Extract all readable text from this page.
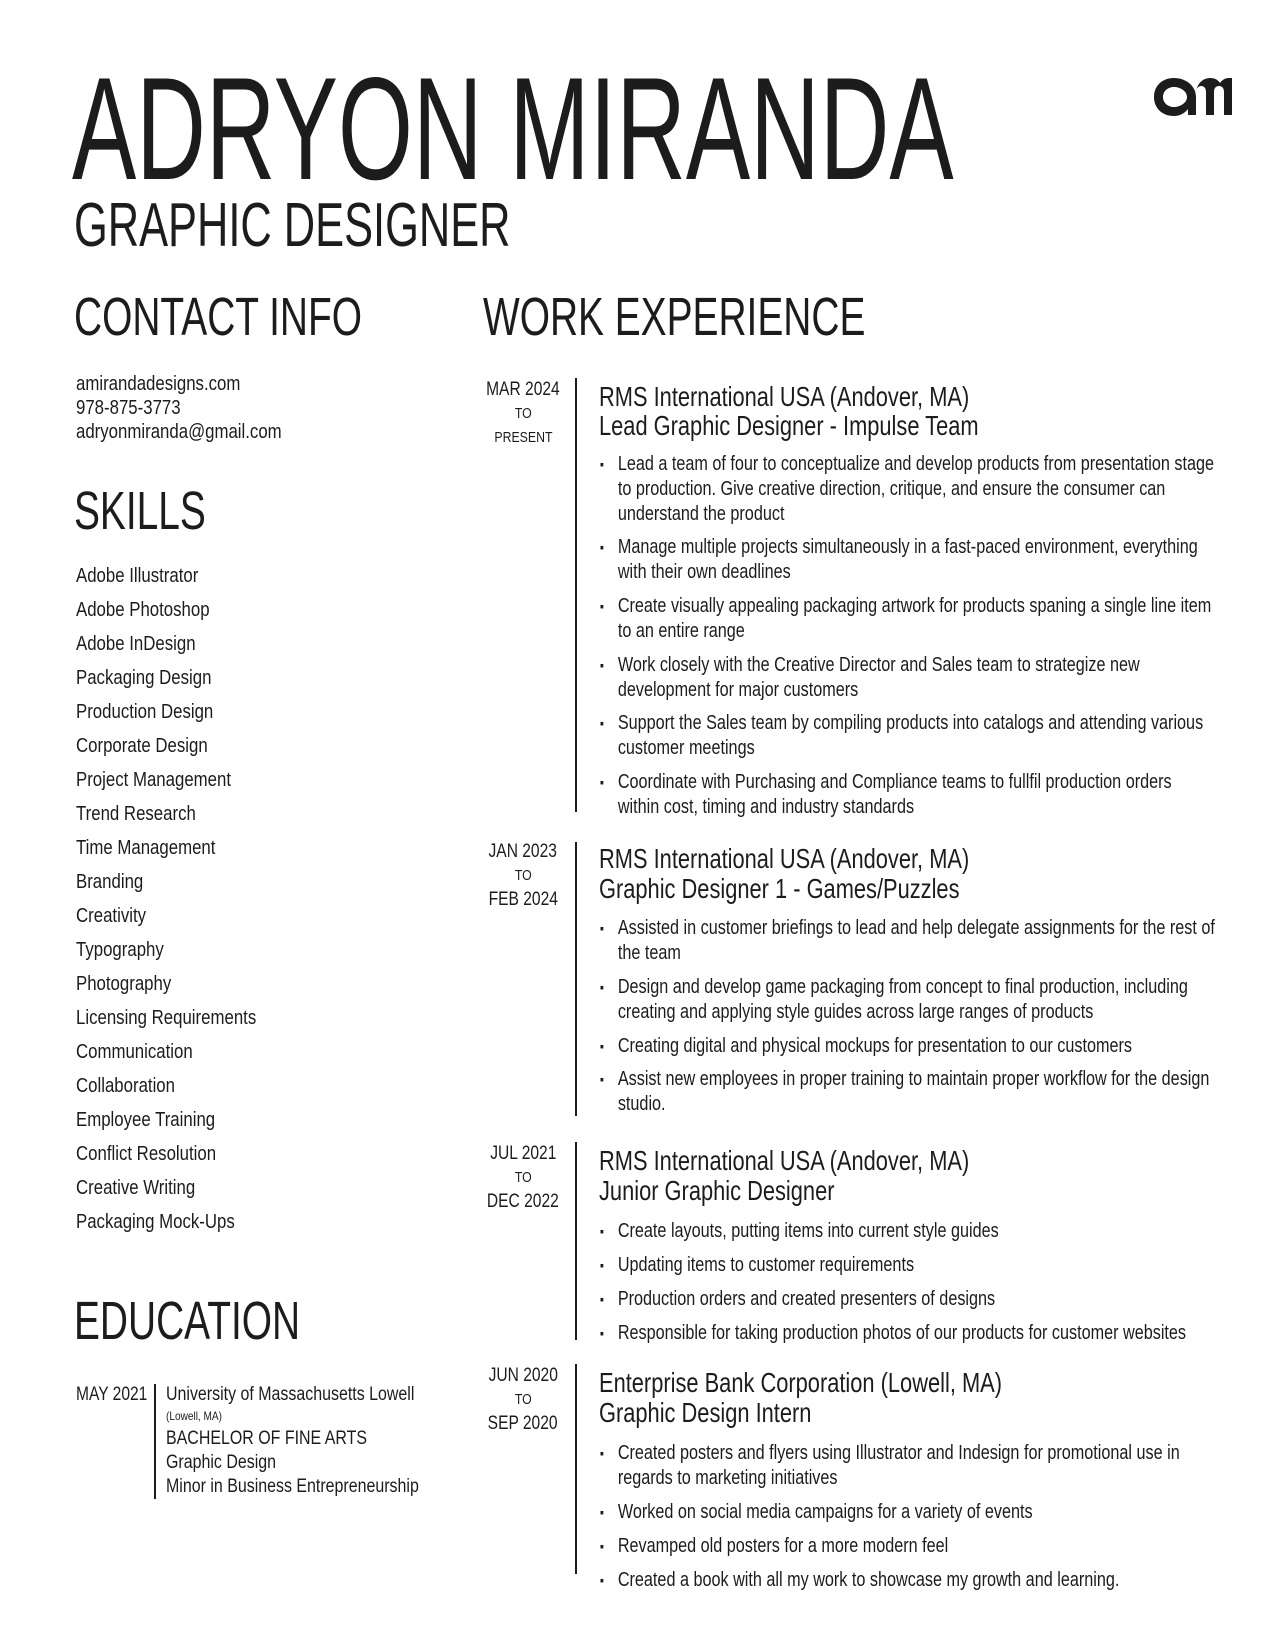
ADRYON MIRANDA
GRAPHIC DESIGNER
CONTACT INFO
amirandadesigns.com
978-875-3773
adryonmiranda@gmail.com
SKILLS
Adobe Illustrator
Adobe Photoshop
Adobe InDesign
Packaging Design
Production Design
Corporate Design
Project Management
Trend Research
Time Management
Branding
Creativity
Typography
Photography
Licensing Requirements
Communication
Collaboration
Employee Training
Conflict Resolution
Creative Writing
Packaging Mock-Ups
EDUCATION
MAY 2021 University of Massachusetts Lowell
(Lowell, MA)
BACHELOR OF FINE ARTS
Graphic Design
Minor in Business Entrepreneurship
WORK EXPERIENCE
MAR 2024
TO
PRESENT
RMS International USA (Andover, MA)
Lead Graphic Designer - Impulse Team
▪ Lead a team of four to conceptualize and develop products from presentation stage to production. Give creative direction, critique, and ensure the consumer can understand the product
▪ Manage multiple projects simultaneously in a fast-paced environment, everything with their own deadlines
▪ Create visually appealing packaging artwork for products spaning a single line item to an entire range
▪ Work closely with the Creative Director and Sales team to strategize new development for major customers
▪ Support the Sales team by compiling products into catalogs and attending various customer meetings
▪ Coordinate with Purchasing and Compliance teams to fullfil production orders within cost, timing and industry standards
JAN 2023
TO
FEB 2024
RMS International USA (Andover, MA)
Graphic Designer 1 - Games/Puzzles
▪ Assisted in customer briefings to lead and help delegate assignments for the rest of the team
▪ Design and develop game packaging from concept to final production, including creating and applying style guides across large ranges of products
▪ Creating digital and physical mockups for presentation to our customers
▪ Assist new employees in proper training to maintain proper workflow for the design studio.
JUL 2021
TO
DEC 2022
RMS International USA (Andover, MA)
Junior Graphic Designer
▪ Create layouts, putting items into current style guides
▪ Updating items to customer requirements
▪ Production orders and created presenters of designs
▪ Responsible for taking production photos of our products for customer websites
JUN 2020
TO
SEP 2020
Enterprise Bank Corporation (Lowell, MA)
Graphic Design Intern
▪ Created posters and flyers using Illustrator and Indesign for promotional use in regards to marketing initiatives
▪ Worked on social media campaigns for a variety of events
▪ Revamped old posters for a more modern feel
▪ Created a book with all my work to showcase my growth and learning.
